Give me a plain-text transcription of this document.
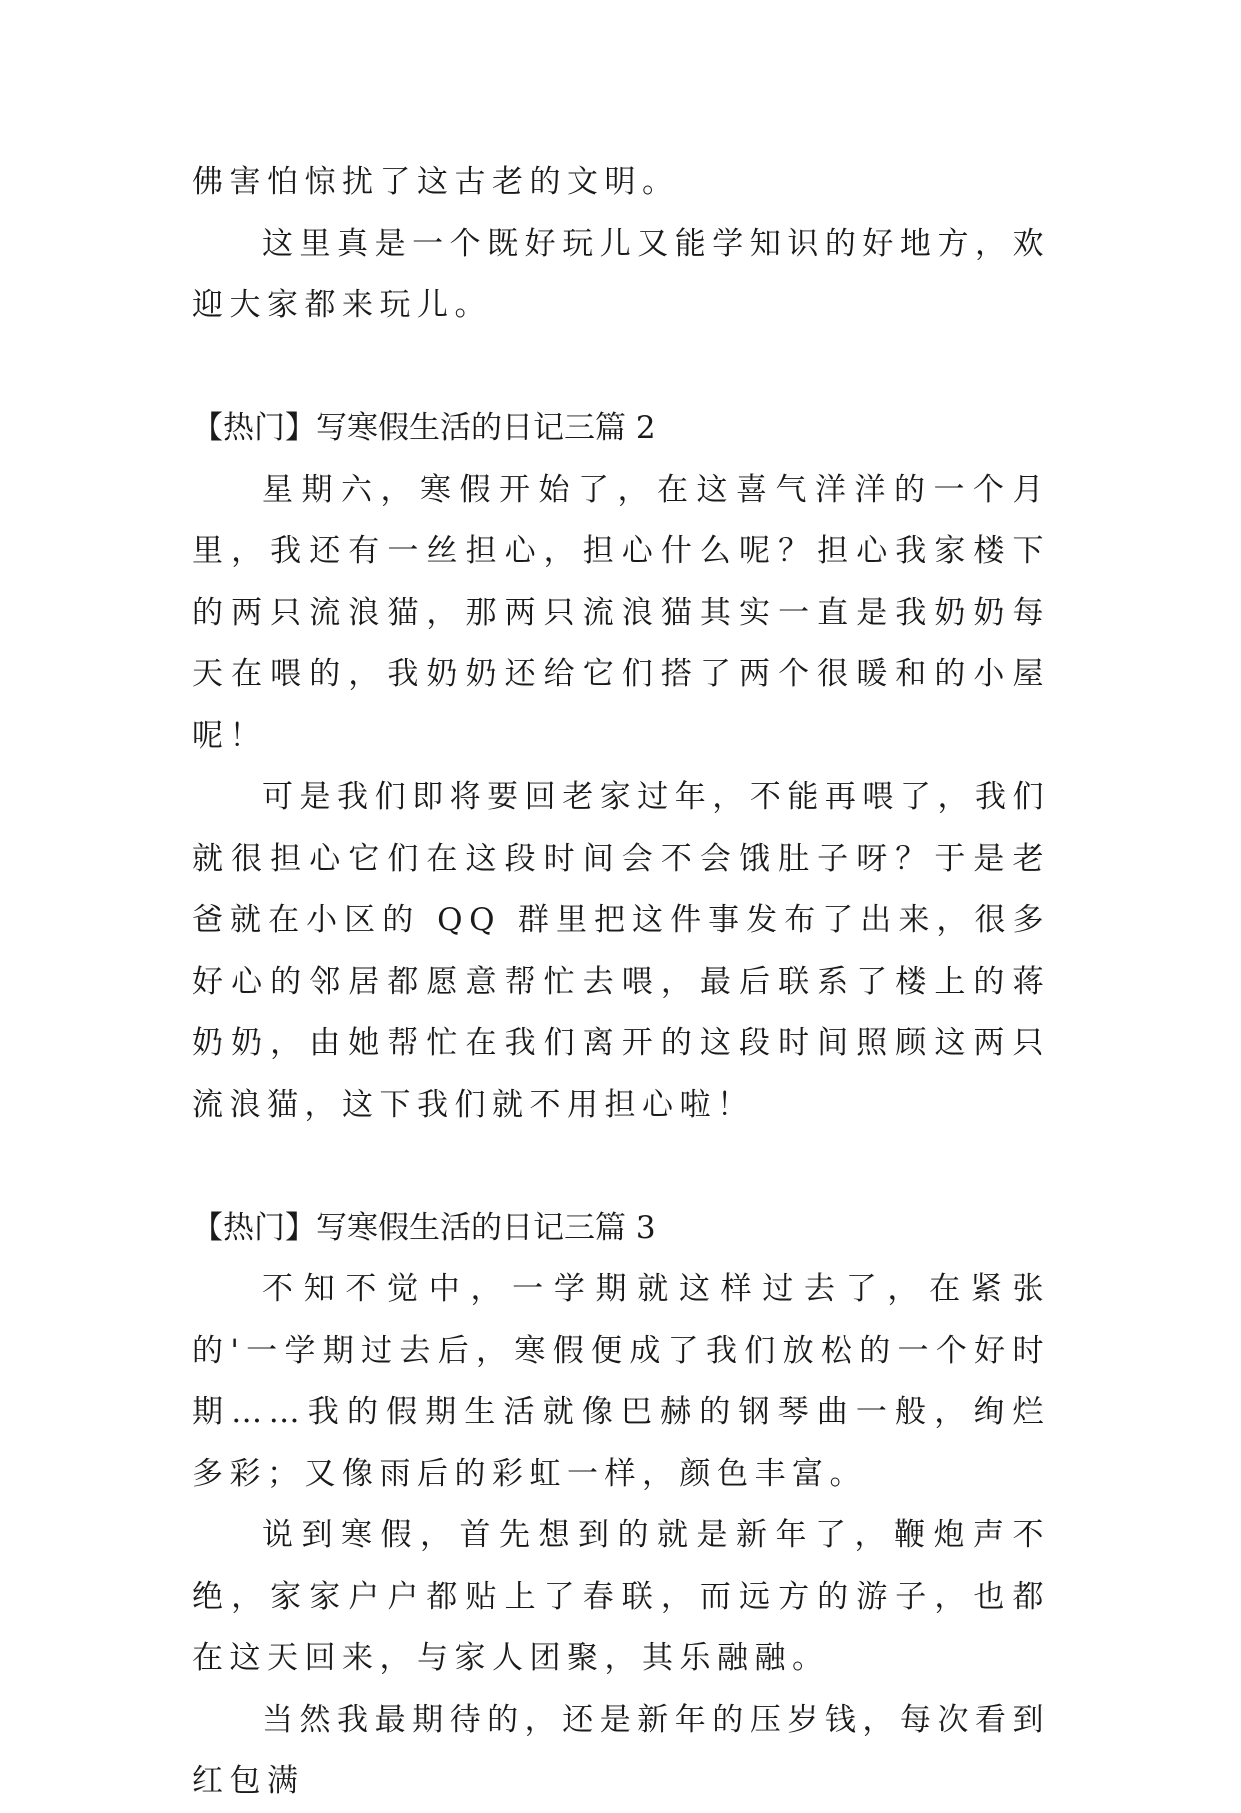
佛害怕惊扰了这古老的文明。

这里真是一个既好玩儿又能学知识的好地方，欢迎大家都来玩儿。

【热门】写寒假生活的日记三篇 2

星期六，寒假开始了，在这喜气洋洋的一个月里，我还有一丝担心，担心什么呢？担心我家楼下的两只流浪猫，那两只流浪猫其实一直是我奶奶每天在喂的，我奶奶还给它们搭了两个很暖和的小屋呢！

可是我们即将要回老家过年，不能再喂了，我们就很担心它们在这段时间会不会饿肚子呀？于是老爸就在小区的 QQ 群里把这件事发布了出来，很多好心的邻居都愿意帮忙去喂，最后联系了楼上的蒋奶奶，由她帮忙在我们离开的这段时间照顾这两只流浪猫，这下我们就不用担心啦！

【热门】写寒假生活的日记三篇 3

不知不觉中，一学期就这样过去了，在紧张的'一学期过去后，寒假便成了我们放松的一个好时期……我的假期生活就像巴赫的钢琴曲一般，绚烂多彩；又像雨后的彩虹一样，颜色丰富。

说到寒假，首先想到的就是新年了，鞭炮声不绝，家家户户都贴上了春联，而远方的游子，也都在这天回来，与家人团聚，其乐融融。

当然我最期待的，还是新年的压岁钱，每次看到红包满
